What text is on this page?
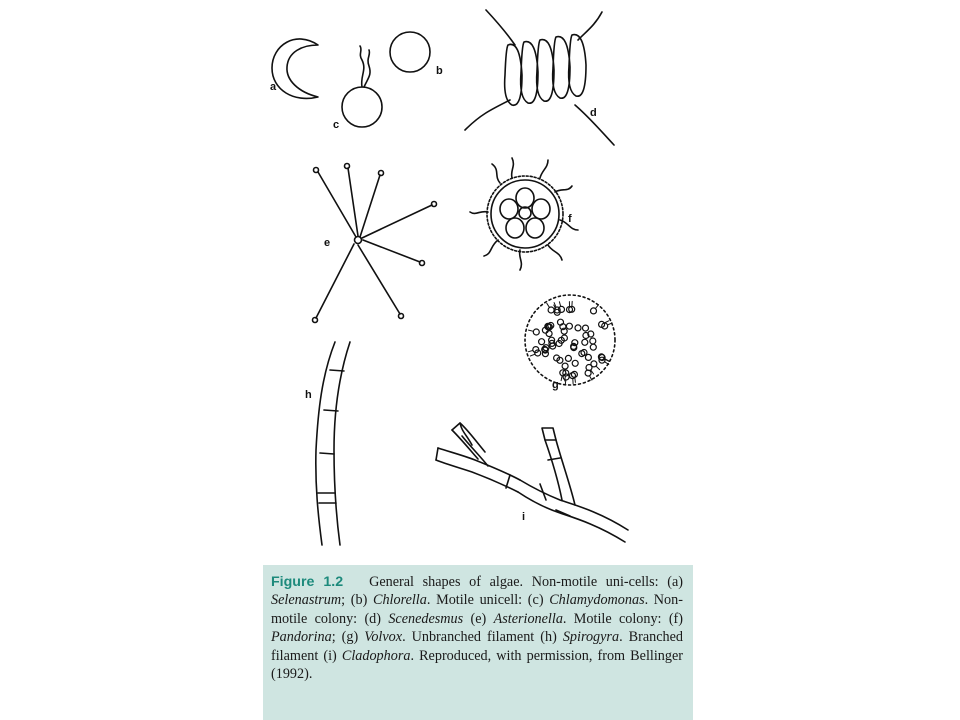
a
b
c
d
e
f
g
h
i
Figure 1.2 General shapes of algae. Non-motile uni-cells: (a) Selenastrum; (b) Chlorella. Motile unicell: (c) Chlamydomonas. Non-motile colony: (d) Scenedesmus (e) Asterionella. Motile colony: (f) Pandorina; (g) Volvox. Unbranched filament (h) Spirogyra. Branched filament (i) Cladophora. Reproduced, with permission, from Bellinger (1992).
